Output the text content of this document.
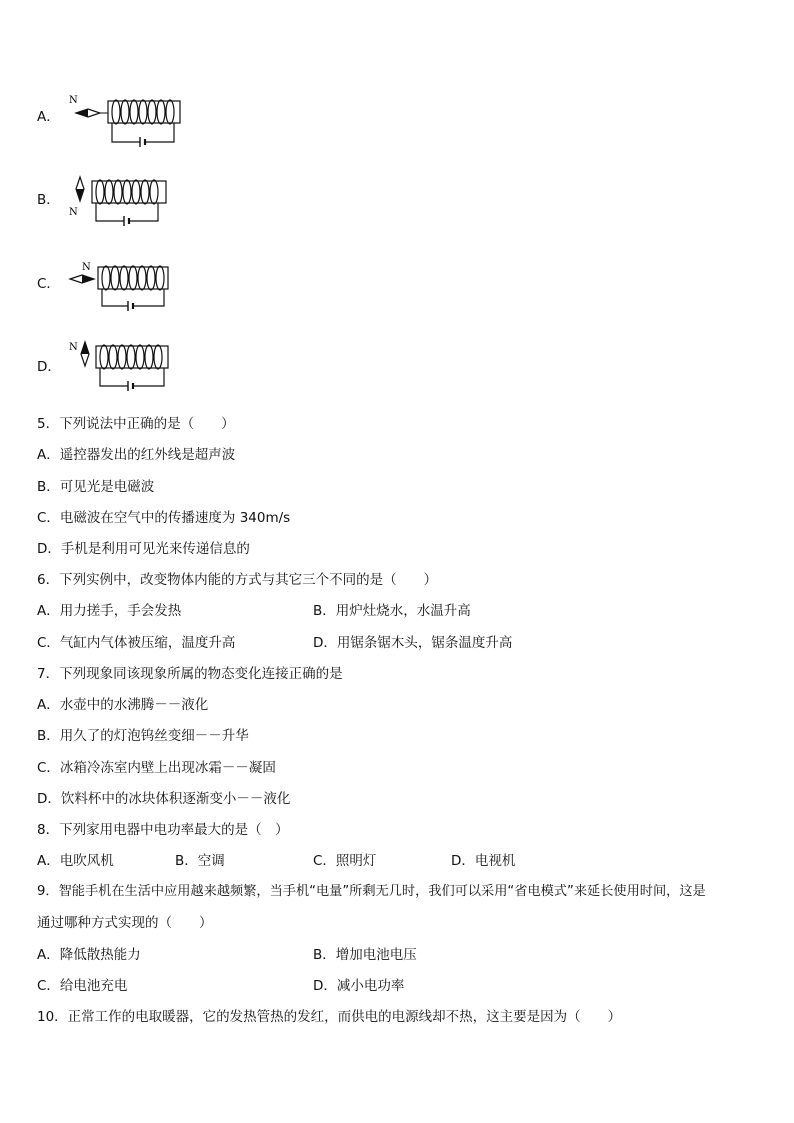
A．
N
B．
N
C．
N
D．
N
5．下列说法中正确的是（　　）
A．遥控器发出的红外线是超声波
B．可见光是电磁波
C．电磁波在空气中的传播速度为 340m/s
D．手机是利用可见光来传递信息的
6．下列实例中，改变物体内能的方式与其它三个不同的是（　　）
A．用力搓手，手会发热	B．用炉灶烧水，水温升高
C．气缸内气体被压缩，温度升高	D．用锯条锯木头，锯条温度升高
7．下列现象同该现象所属的物态变化连接正确的是
A．水壶中的水沸腾－－液化
B．用久了的灯泡钨丝变细－－升华
C．冰箱冷冻室内壁上出现冰霜－－凝固
D．饮料杯中的冰块体积逐渐变小－－液化
8．下列家用电器中电功率最大的是（　）
A．电吹风机	B．空调	C．照明灯	D．电视机
9．智能手机在生活中应用越来越频繁，当手机“电量”所剩无几时，我们可以采用“省电模式”来延长使用时间，这是
通过哪种方式实现的（　　）
A．降低散热能力	B．增加电池电压
C．给电池充电	D．减小电功率
10．正常工作的电取暖器，它的发热管热的发红，而供电的电源线却不热，这主要是因为（　　）
